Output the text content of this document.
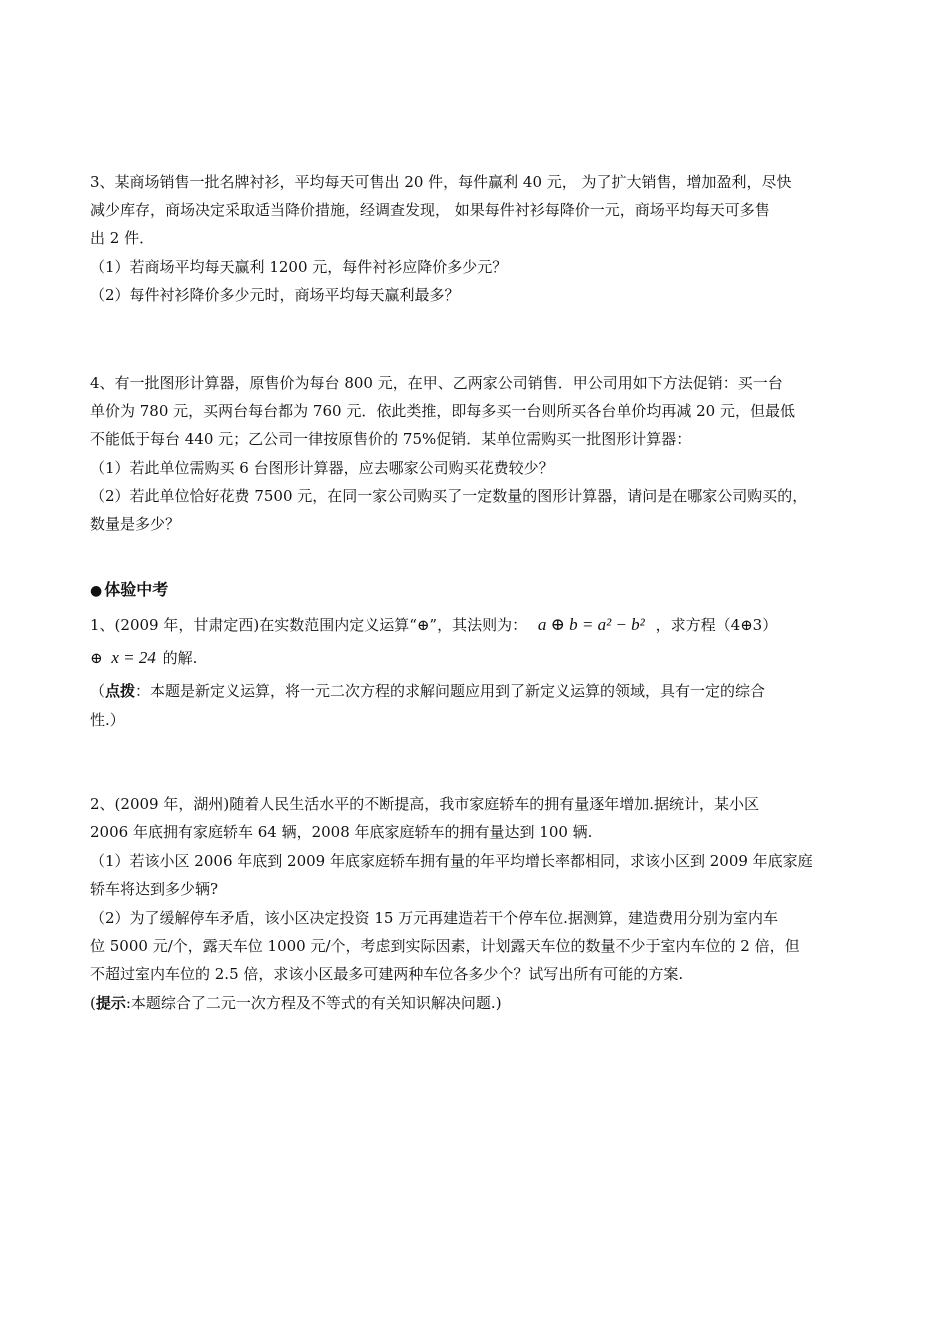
3、某商场销售一批名牌衬衫，平均每天可售出 20 件，每件赢利 40 元， 为了扩大销售，增加盈利，尽快
减少库存，商场决定采取适当降价措施，经调查发现， 如果每件衬衫每降价一元，商场平均每天可多售
出 2 件．
（1）若商场平均每天赢利 1200 元，每件衬衫应降价多少元？
（2）每件衬衫降价多少元时，商场平均每天赢利最多？
4、有一批图形计算器，原售价为每台 800 元，在甲、乙两家公司销售．甲公司用如下方法促销：买一台
单价为 780 元，买两台每台都为 760 元．依此类推，即每多买一台则所买各台单价均再减 20 元，但最低
不能低于每台 440 元；乙公司一律按原售价的 75%促销．某单位需购买一批图形计算器：
（1）若此单位需购买 6 台图形计算器，应去哪家公司购买花费较少？
（2）若此单位恰好花费 7500 元，在同一家公司购买了一定数量的图形计算器，请问是在哪家公司购买的，
数量是多少？
● 体验中考
1、(2009 年，甘肃定西)在实数范围内定义运算“⊕”，其法则为： a ⊕ b = a² − b² ，求方程（4⊕3）
⊕ x = 24 的解.
（点拨：本题是新定义运算，将一元二次方程的求解问题应用到了新定义运算的领域，具有一定的综合
性.）
2、(2009 年，湖州)随着人民生活水平的不断提高，我市家庭轿车的拥有量逐年增加.据统计，某小区
2006 年底拥有家庭轿车 64 辆，2008 年底家庭轿车的拥有量达到 100 辆.
（1）若该小区 2006 年底到 2009 年底家庭轿车拥有量的年平均增长率都相同，求该小区到 2009 年底家庭
轿车将达到多少辆?
（2）为了缓解停车矛盾，该小区决定投资 15 万元再建造若干个停车位.据测算，建造费用分别为室内车
位 5000 元/个，露天车位 1000 元/个，考虑到实际因素，计划露天车位的数量不少于室内车位的 2 倍，但
不超过室内车位的 2.5 倍，求该小区最多可建两种车位各多少个？试写出所有可能的方案.
(提示:本题综合了二元一次方程及不等式的有关知识解决问题.)
